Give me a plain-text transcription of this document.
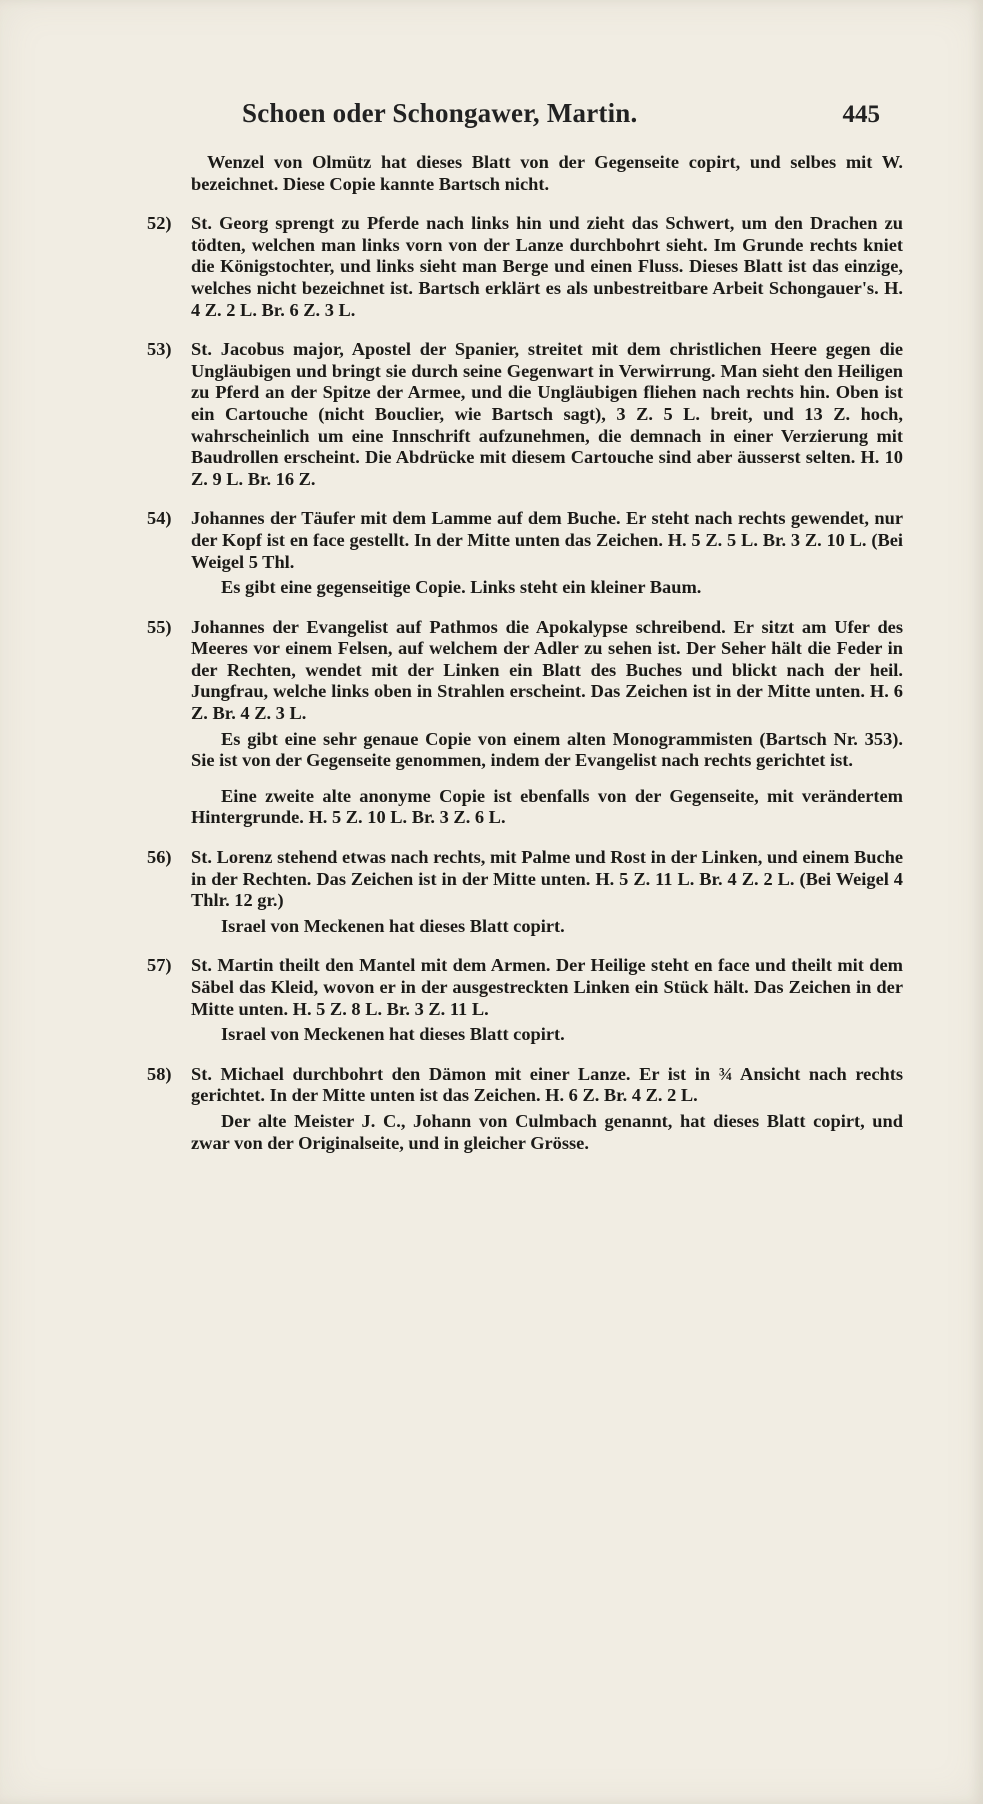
Schoen oder Schongawer, Martin.	445

Wenzel von Olmütz hat dieses Blatt von der Gegenseite copirt, und selbes mit W. bezeichnet. Diese Copie kannte Bartsch nicht.

52)	St. Georg sprengt zu Pferde nach links hin und zieht das Schwert, um den Drachen zu tödten, welchen man links vorn von der Lanze durchbohrt sieht. Im Grunde rechts kniet die Königstochter, und links sieht man Berge und einen Fluss. Dieses Blatt ist das einzige, welches nicht bezeichnet ist. Bartsch erklärt es als unbestreitbare Arbeit Schongauer's. H. 4 Z. 2 L. Br. 6 Z. 3 L.

53)	St. Jacobus major, Apostel der Spanier, streitet mit dem christlichen Heere gegen die Ungläubigen und bringt sie durch seine Gegenwart in Verwirrung. Man sieht den Heiligen zu Pferd an der Spitze der Armee, und die Ungläubigen fliehen nach rechts hin. Oben ist ein Cartouche (nicht Bouclier, wie Bartsch sagt), 3 Z. 5 L. breit, und 13 Z. hoch, wahrscheinlich um eine Innschrift aufzunehmen, die demnach in einer Verzierung mit Baudrollen erscheint. Die Abdrücke mit diesem Cartouche sind aber äusserst selten. H. 10 Z. 9 L. Br. 16 Z.

54)	Johannes der Täufer mit dem Lamme auf dem Buche. Er steht nach rechts gewendet, nur der Kopf ist en face gestellt. In der Mitte unten das Zeichen. H. 5 Z. 5 L. Br. 3 Z. 10 L. (Bei Weigel 5 Thl.

Es gibt eine gegenseitige Copie. Links steht ein kleiner Baum.

55)	Johannes der Evangelist auf Pathmos die Apokalypse schreibend. Er sitzt am Ufer des Meeres vor einem Felsen, auf welchem der Adler zu sehen ist. Der Seher hält die Feder in der Rechten, wendet mit der Linken ein Blatt des Buches und blickt nach der heil. Jungfrau, welche links oben in Strahlen erscheint. Das Zeichen ist in der Mitte unten. H. 6 Z. Br. 4 Z. 3 L.

Es gibt eine sehr genaue Copie von einem alten Monogrammisten (Bartsch Nr. 353). Sie ist von der Gegenseite genommen, indem der Evangelist nach rechts gerichtet ist.

Eine zweite alte anonyme Copie ist ebenfalls von der Gegenseite, mit verändertem Hintergrunde. H. 5 Z. 10 L. Br. 3 Z. 6 L.

56)	St. Lorenz stehend etwas nach rechts, mit Palme und Rost in der Linken, und einem Buche in der Rechten. Das Zeichen ist in der Mitte unten. H. 5 Z. 11 L. Br. 4 Z. 2 L. (Bei Weigel 4 Thlr. 12 gr.)

Israel von Meckenen hat dieses Blatt copirt.

57)	St. Martin theilt den Mantel mit dem Armen. Der Heilige steht en face und theilt mit dem Säbel das Kleid, wovon er in der ausgestreckten Linken ein Stück hält. Das Zeichen in der Mitte unten. H. 5 Z. 8 L. Br. 3 Z. 11 L.

Israel von Meckenen hat dieses Blatt copirt.

58)	St. Michael durchbohrt den Dämon mit einer Lanze. Er ist in ¾ Ansicht nach rechts gerichtet. In der Mitte unten ist das Zeichen. H. 6 Z. Br. 4 Z. 2 L.

Der alte Meister J. C., Johann von Culmbach genannt, hat dieses Blatt copirt, und zwar von der Originalseite, und in gleicher Grösse.
